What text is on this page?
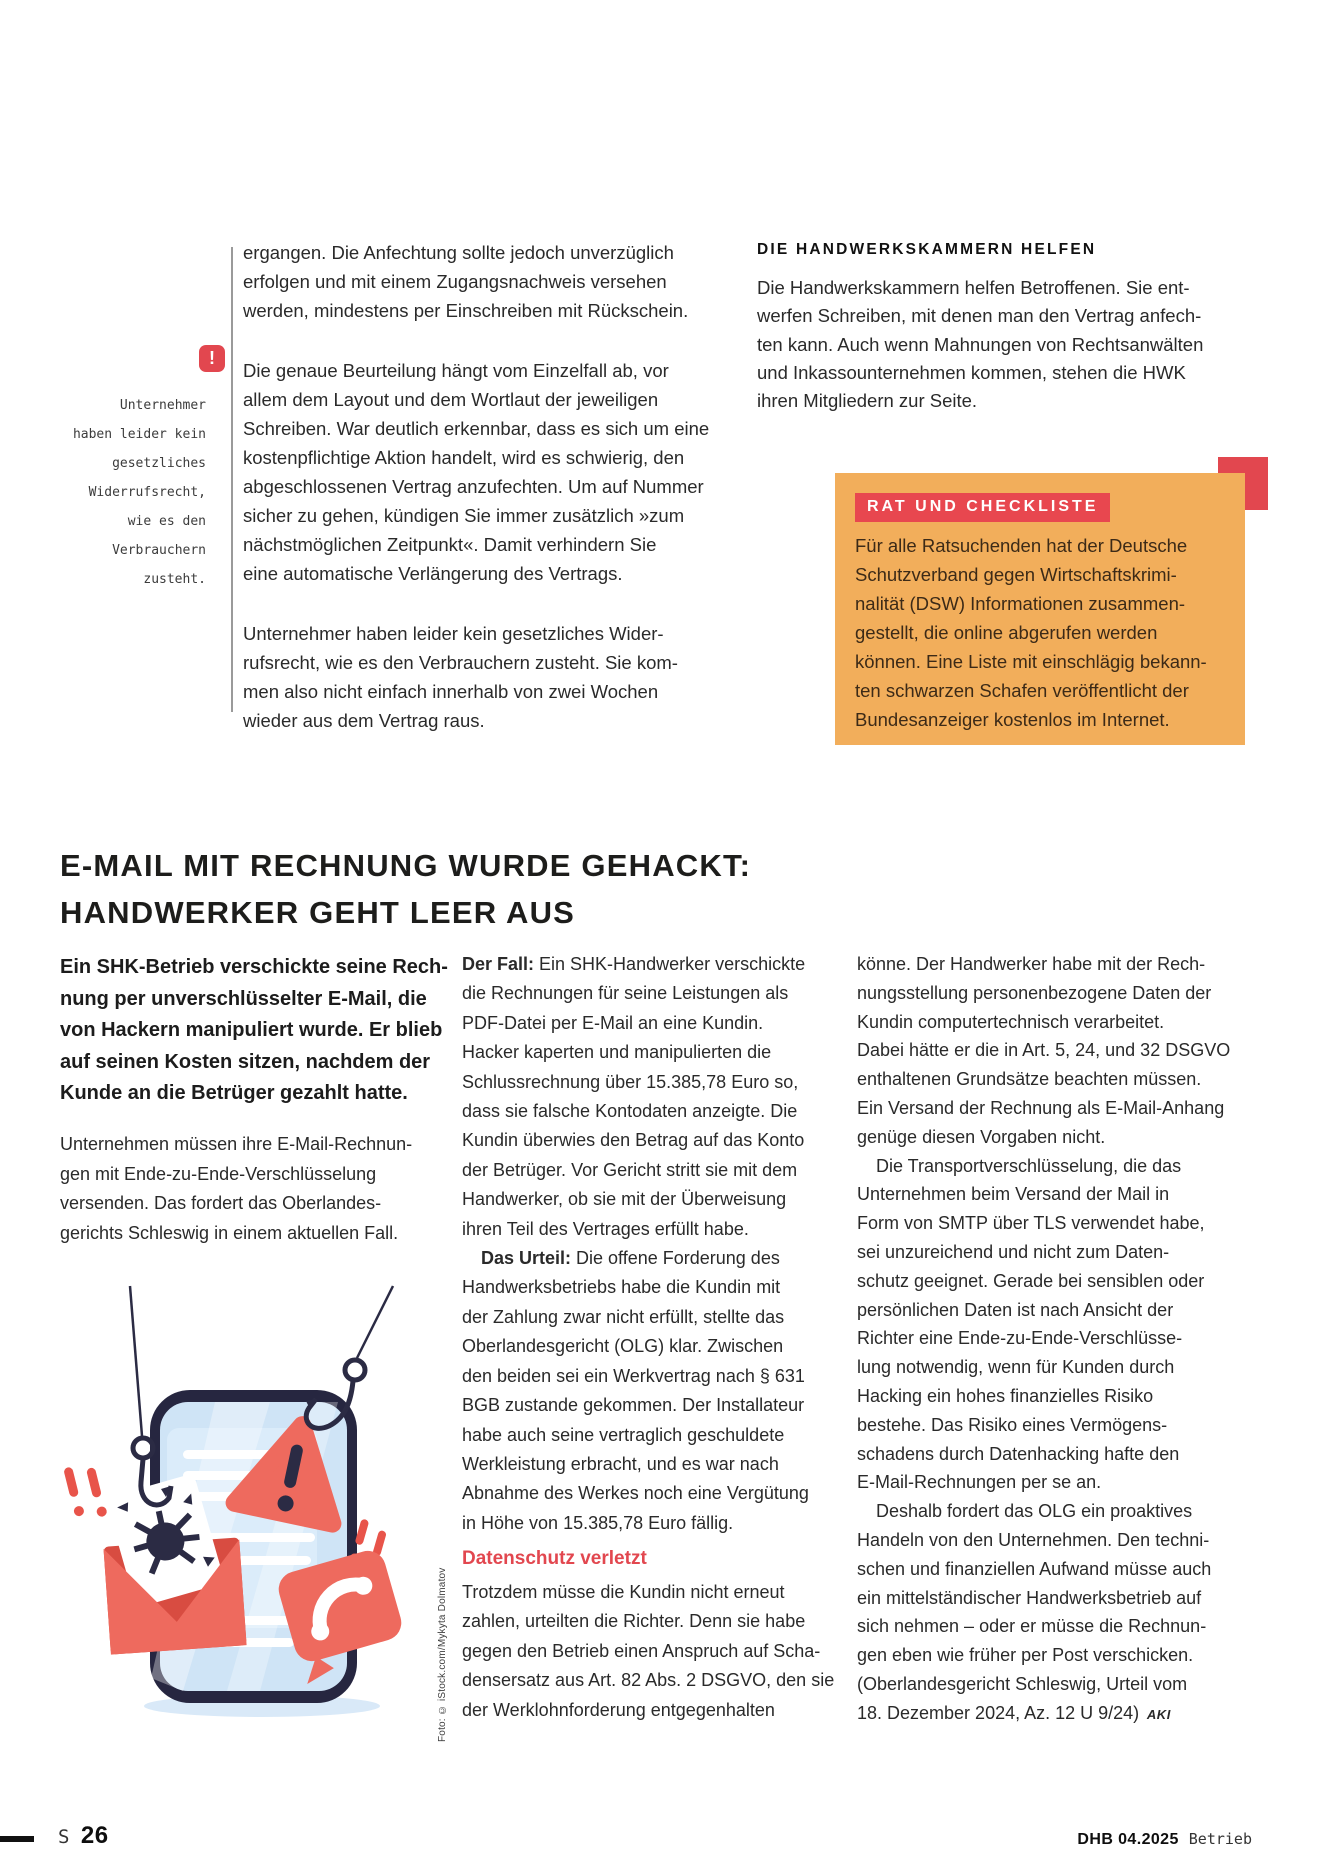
!
Unternehmer
haben leider kein
gesetzliches
Widerrufsrecht,
wie es den
Verbrauchern
zusteht.
ergangen. Die Anfechtung sollte jedoch unverzüglich
erfolgen und mit einem Zugangsnachweis versehen
werden, mindestens per Einschreiben mit Rückschein.
Die genaue Beurteilung hängt vom Einzelfall ab, vor
allem dem Layout und dem Wortlaut der jeweiligen
Schreiben. War deutlich erkennbar, dass es sich um eine
kostenpflichtige Aktion handelt, wird es schwierig, den
abgeschlossenen Vertrag anzufechten. Um auf Nummer
sicher zu gehen, kündigen Sie immer zusätzlich »zum
nächstmöglichen Zeitpunkt«. Damit verhindern Sie
eine automatische Verlängerung des Vertrags.
Unternehmer haben leider kein gesetzliches Wider-
rufsrecht, wie es den Verbrauchern zusteht. Sie kom-
men also nicht einfach innerhalb von zwei Wochen
wieder aus dem Vertrag raus.
DIE HANDWERKSKAMMERN HELFEN
Die Handwerkskammern helfen Betroffenen. Sie ent-
werfen Schreiben, mit denen man den Vertrag anfech-
ten kann. Auch wenn Mahnungen von Rechtsanwälten
und Inkassounternehmen kommen, stehen die HWK
ihren Mitgliedern zur Seite.
RAT UND CHECKLISTE
Für alle Ratsuchenden hat der Deutsche
Schutzverband gegen Wirtschaftskrimi-
nalität (DSW) Informationen zusammen-
gestellt, die online abgerufen werden
können. Eine Liste mit einschlägig bekann-
ten schwarzen Schafen veröffentlicht der
Bundesanzeiger kostenlos im Internet.
E-MAIL MIT RECHNUNG WURDE GEHACKT:
HANDWERKER GEHT LEER AUS
Ein SHK-Betrieb verschickte seine Rech-
nung per unverschlüsselter E-Mail, die
von Hackern manipuliert wurde. Er blieb
auf seinen Kosten sitzen, nachdem der
Kunde an die Betrüger gezahlt hatte.
Unternehmen müssen ihre E-Mail-Rechnun-
gen mit Ende-zu-Ende-Verschlüsselung
versenden. Das fordert das Oberlandes-
gerichts Schleswig in einem aktuellen Fall.
Der Fall: Ein SHK-Handwerker verschickte
die Rechnungen für seine Leistungen als
PDF-Datei per E-Mail an eine Kundin.
Hacker kaperten und manipulierten die
Schlussrechnung über 15.385,78 Euro so,
dass sie falsche Kontodaten anzeigte. Die
Kundin überwies den Betrag auf das Konto
der Betrüger. Vor Gericht stritt sie mit dem
Handwerker, ob sie mit der Überweisung
ihren Teil des Vertrages erfüllt habe.
Das Urteil: Die offene Forderung des
Handwerksbetriebs habe die Kundin mit
der Zahlung zwar nicht erfüllt, stellte das
Oberlandesgericht (OLG) klar. Zwischen
den beiden sei ein Werkvertrag nach § 631
BGB zustande gekommen. Der Installateur
habe auch seine vertraglich geschuldete
Werkleistung erbracht, und es war nach
Abnahme des Werkes noch eine Vergütung
in Höhe von 15.385,78 Euro fällig.
Datenschutz verletzt
Trotzdem müsse die Kundin nicht erneut
zahlen, urteilten die Richter. Denn sie habe
gegen den Betrieb einen Anspruch auf Scha-
densersatz aus Art. 82 Abs. 2 DSGVO, den sie
der Werklohnforderung entgegenhalten
könne. Der Handwerker habe mit der Rech-
nungsstellung personenbezogene Daten der
Kundin computertechnisch verarbeitet.
Dabei hätte er die in Art. 5, 24, und 32 DSGVO
enthaltenen Grundsätze beachten müssen.
Ein Versand der Rechnung als E-Mail-Anhang
genüge diesen Vorgaben nicht.
Die Transportverschlüsselung, die das
Unternehmen beim Versand der Mail in
Form von SMTP über TLS verwendet habe,
sei unzureichend und nicht zum Daten-
schutz geeignet. Gerade bei sensiblen oder
persönlichen Daten ist nach Ansicht der
Richter eine Ende-zu-Ende-Verschlüsse-
lung notwendig, wenn für Kunden durch
Hacking ein hohes finanzielles Risiko
bestehe. Das Risiko eines Vermögens-
schadens durch Datenhacking hafte den
E-Mail-Rechnungen per se an.
Deshalb fordert das OLG ein proaktives
Handeln von den Unternehmen. Den techni-
schen und finanziellen Aufwand müsse auch
ein mittelständischer Handwerksbetrieb auf
sich nehmen – oder er müsse die Rechnun-
gen eben wie früher per Post verschicken.
(Oberlandesgericht Schleswig, Urteil vom
18. Dezember 2024, Az. 12 U 9/24)  AKI
Foto: © iStock.com/Mykyta Dolmatov
S 26	DHB 04.2025 Betrieb
